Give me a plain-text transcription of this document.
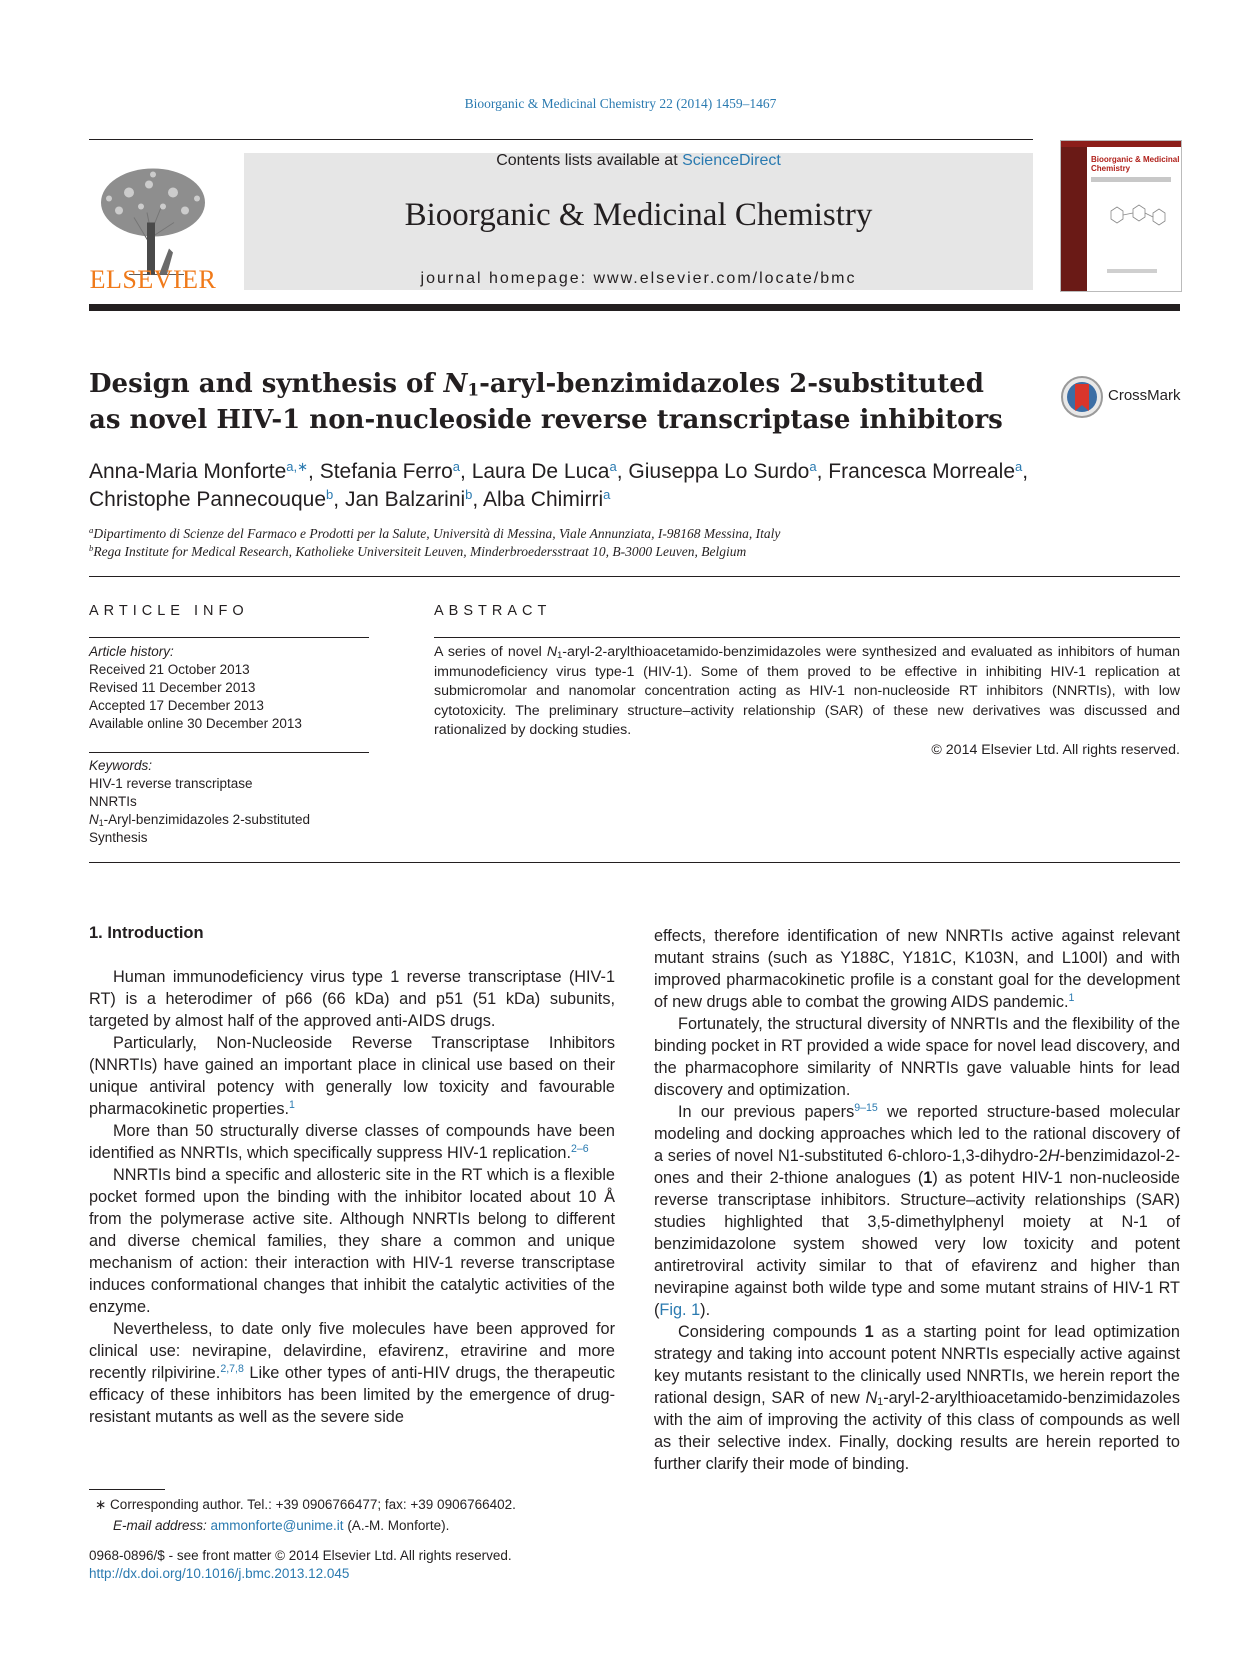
Bioorganic & Medicinal Chemistry 22 (2014) 1459–1467
ELSEVIER
Contents lists available at ScienceDirect
Bioorganic & Medicinal Chemistry
journal homepage: www.elsevier.com/locate/bmc
Bioorganic & Medicinal Chemistry
Design and synthesis of $N_1-aryl$-benzimidazoles 2-substituted
as novel HIV-1 non-nucleoside reverse transcriptase inhibitors
CrossMark
Anna-Maria Monforte$^{a,∗}$, Stefania Ferro$^a$, Laura De Luca$^a$, Giuseppa Lo Surdo$^a$, Francesca Morreale$^a$,
Christophe Pannecouque$^b$, Jan Balzarini$^b$, Alba Chimirri$^a$
$^a$Dipartimento di Scienze del Farmaco e Prodotti per la Salute, Università di Messina, Viale Annunziata, I-98168 Messina, Italy
$^b$Rega Institute for Medical Research, Katholieke Universiteit Leuven, Minderbroedersstraat 10, B-3000 Leuven, Belgium
ARTICLE INFO
Article history:
Received 21 October 2013
Revised 11 December 2013
Accepted 17 December 2013
Available online 30 December 2013
Keywords:
HIV-1 reverse transcriptase
NNRTIs
$N_1-Aryl$-benzimidazoles 2-substituted
Synthesis
ABSTRACT
A series of novel $N_1-aryl-2-arylthioacetamido$-benzimidazoles were synthesized and evaluated as inhibitors of human immunodeficiency virus type-1 (HIV-1). Some of them proved to be effective in inhibiting HIV-1 replication at submicromolar and nanomolar concentration acting as HIV-1 non-nucleoside RT inhibitors (NNRTIs), with low cytotoxicity. The preliminary structure–activity relationship (SAR) of these new derivatives was discussed and rationalized by docking studies.
© 2014 Elsevier Ltd. All rights reserved.
1. Introduction

Human immunodeficiency virus type 1 reverse transcriptase (HIV-1 RT) is a heterodimer of p66 (66 kDa) and p51 (51 kDa) subunits, targeted by almost half of the approved anti-AIDS drugs.

Particularly, Non-Nucleoside Reverse Transcriptase Inhibitors (NNRTIs) have gained an important place in clinical use based on their unique antiviral potency with generally low toxicity and favourable pharmacokinetic properties.$^1$

More than 50 structurally diverse classes of compounds have been identified as NNRTIs, which specifically suppress HIV-1 replication.$^{2-6}$

NNRTIs bind a specific and allosteric site in the RT which is a flexible pocket formed upon the binding with the inhibitor located about 10 Å from the polymerase active site. Although NNRTIs belong to different and diverse chemical families, they share a common and unique mechanism of action: their interaction with HIV-1 reverse transcriptase induces conformational changes that inhibit the catalytic activities of the enzyme.

Nevertheless, to date only five molecules have been approved for clinical use: nevirapine, delavirdine, efavirenz, etravirine and more recently rilpivirine.$^{2,7,8}$ Like other types of anti-HIV drugs, the therapeutic efficacy of these inhibitors has been limited by the emergence of drug-resistant mutants as well as the severe side

effects, therefore identification of new NNRTIs active against relevant mutant strains (such as Y188C, Y181C, K103N, and L100I) and with improved pharmacokinetic profile is a constant goal for the development of new drugs able to combat the growing AIDS pandemic.$^1$

Fortunately, the structural diversity of NNRTIs and the flexibility of the binding pocket in RT provided a wide space for novel lead discovery, and the pharmacophore similarity of NNRTIs gave valuable hints for lead discovery and optimization.

In our previous papers$^{9-15}$ we reported structure-based molecular modeling and docking approaches which led to the rational discovery of a series of novel N1-substituted 6-chloro-1,3-dihydro-2H-benzimidazol-2-ones and their 2-thione analogues (1) as potent HIV-1 non-nucleoside reverse transcriptase inhibitors. Structure–activity relationships (SAR) studies highlighted that 3,5-dimethylphenyl moiety at N-1 of benzimidazolone system showed very low toxicity and potent antiretroviral activity similar to that of efavirenz and higher than nevirapine against both wilde type and some mutant strains of HIV-1 RT (Fig. 1).

Considering compounds 1 as a starting point for lead optimization strategy and taking into account potent NNRTIs especially active against key mutants resistant to the clinically used NNRTIs, we herein report the rational design, SAR of new $N_1-aryl-2-arylthioacetamido$-benzimidazoles with the aim of improving the activity of this class of compounds as well as their selective index. Finally, docking results are herein reported to further clarify their mode of binding.

∗ Corresponding author. Tel.: +39 0906766477; fax: +39 0906766402.
E-mail address: ammonforte@unime.it (A.-M. Monforte).
0968-0896/$ - see front matter © 2014 Elsevier Ltd. All rights reserved.
http://dx.doi.org/10.1016/j.bmc.2013.12.045
